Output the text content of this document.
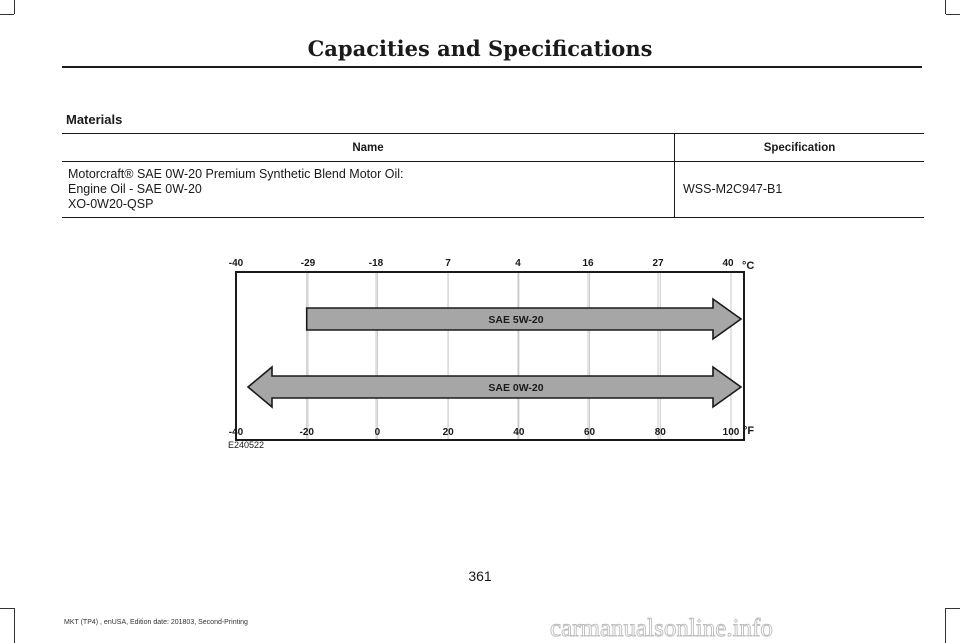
Capacities and Specifications
Materials
Name	Specification

Motorcraft® SAE 0W-20 Premium Synthetic Blend Motor Oil:
Engine Oil - SAE 0W-20
XO-0W20-QSP	WSS-M2C947-B1
-40	-29	-18	7	4	16	27	40 °C
SAE 5W-20
SAE 0W-20
-40	-20	0	20	40	60	80	100 °F
E240522
361
MKT (TP4) , enUSA, Edition date: 201803, Second-Printing	carmanualsonline.info
